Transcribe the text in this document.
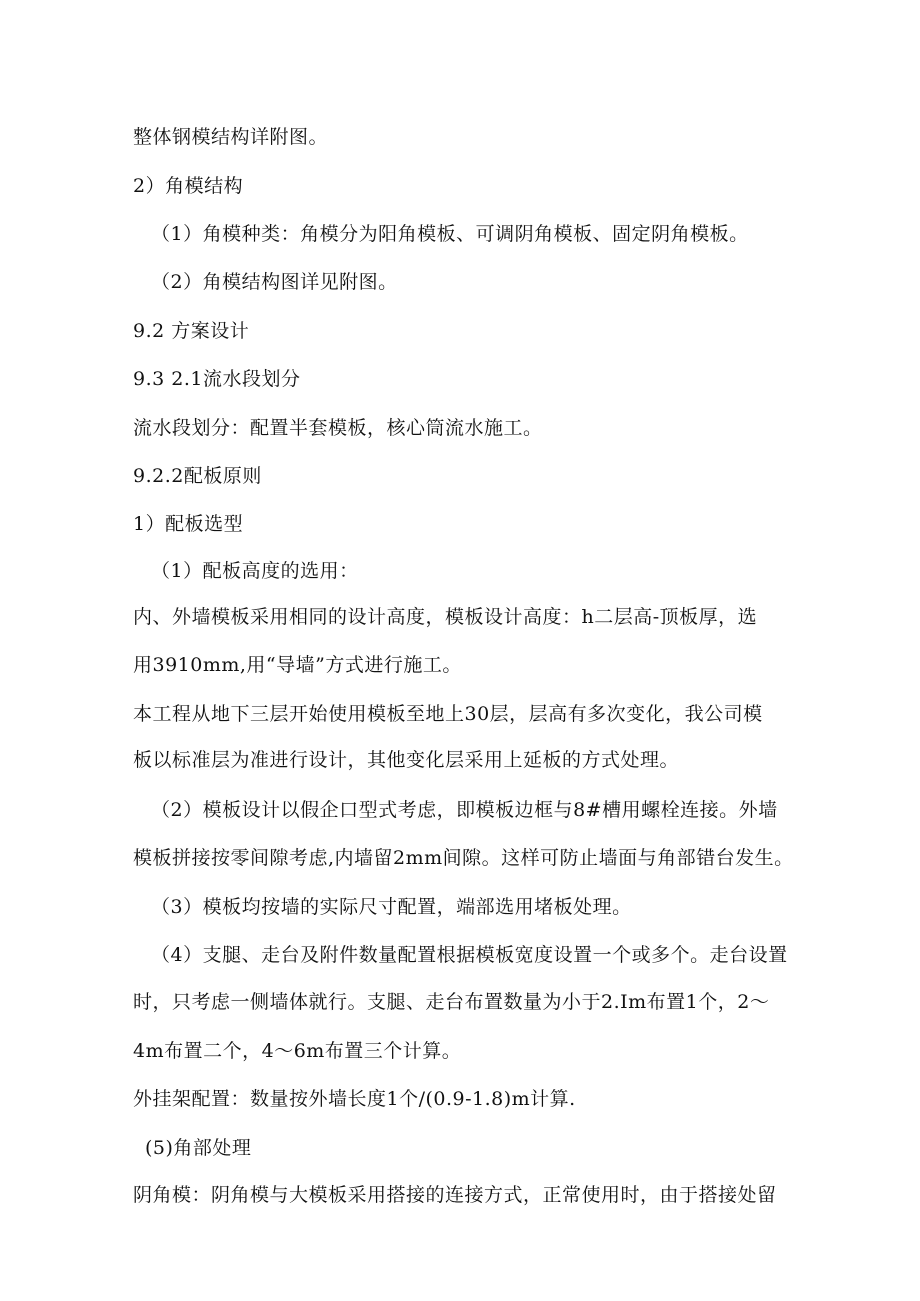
整体钢模结构详附图。
2）角模结构
（1）角模种类：角模分为阳角模板、可调阴角模板、固定阴角模板。
（2）角模结构图详见附图。
9.2 方案设计
9.3 2.1流水段划分
流水段划分：配置半套模板，核心筒流水施工。
9.2.2配板原则
1）配板选型
（1）配板高度的选用：
内、外墙模板采用相同的设计高度，模板设计高度：h二层高-顶板厚，选
用3910mm,用“导墙”方式进行施工。
本工程从地下三层开始使用模板至地上30层，层高有多次变化，我公司模
板以标准层为准进行设计，其他变化层采用上延板的方式处理。
（2）模板设计以假企口型式考虑，即模板边框与8#槽用螺栓连接。外墙
模板拼接按零间隙考虑,内墙留2mm间隙。这样可防止墙面与角部错台发生。
（3）模板均按墙的实际尺寸配置，端部选用堵板处理。
（4）支腿、走台及附件数量配置根据模板宽度设置一个或多个。走台设置
时，只考虑一侧墙体就行。支腿、走台布置数量为小于2.Im布置1个，2〜
4m布置二个，4〜6m布置三个计算。
外挂架配置：数量按外墙长度1个/(0.9-1.8)m计算.
(5)角部处理
阴角模：阴角模与大模板采用搭接的连接方式，正常使用时，由于搭接处留
